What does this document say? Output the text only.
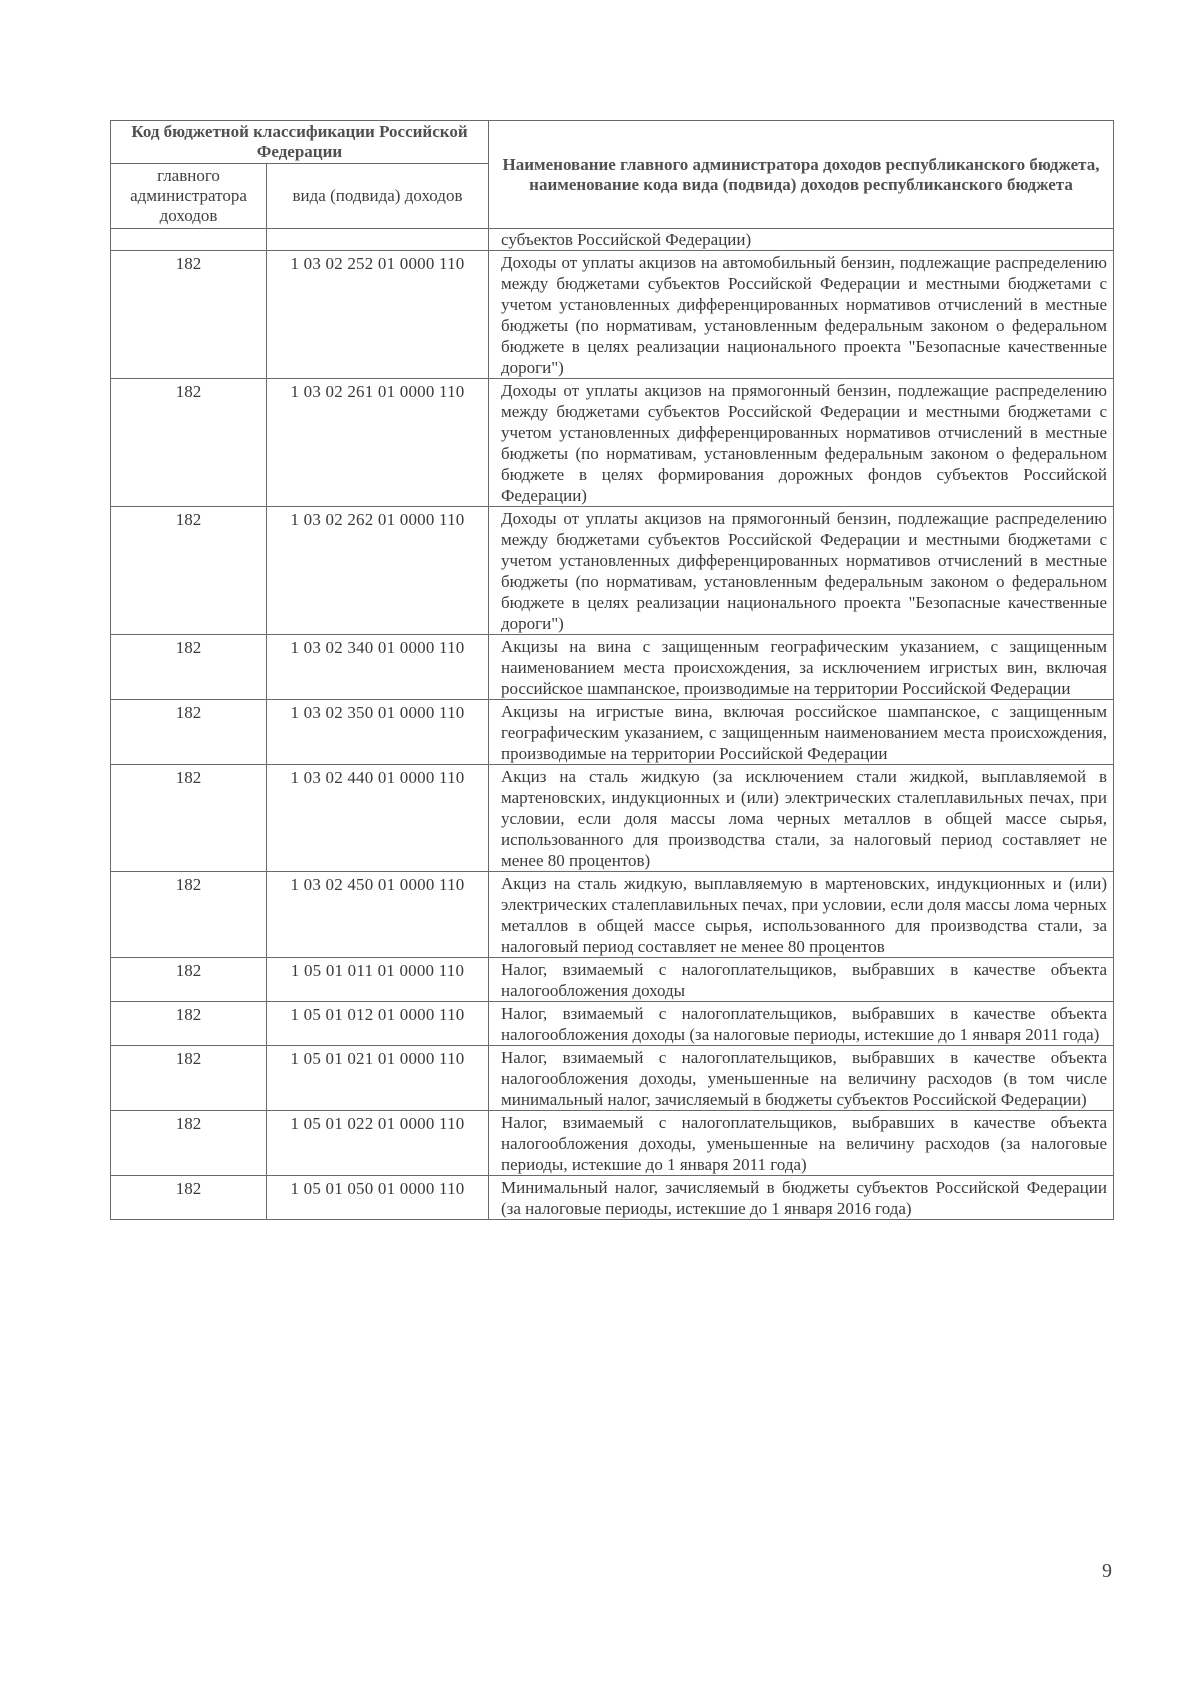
Код бюджетной классификации Российской Федерации		Наименование главного администратора доходов республиканского бюджета, наименование кода вида (подвида) доходов республиканского бюджета
главного администратора доходов	вида (подвида) доходов	
		субъектов Российской Федерации)
182	1 03 02 252 01 0000 110	Доходы от уплаты акцизов на автомобильный бензин, подлежащие распределению между бюджетами субъектов Российской Федерации и местными бюджетами с учетом установленных дифференцированных нормативов отчислений в местные бюджеты (по нормативам, установленным федеральным законом о федеральном бюджете в целях реализации национального проекта "Безопасные качественные дороги")
182	1 03 02 261 01 0000 110	Доходы от уплаты акцизов на прямогонный бензин, подлежащие распределению между бюджетами субъектов Российской Федерации и местными бюджетами с учетом установленных дифференцированных нормативов отчислений в местные бюджеты (по нормативам, установленным федеральным законом о федеральном бюджете в целях формирования дорожных фондов субъектов Российской Федерации)
182	1 03 02 262 01 0000 110	Доходы от уплаты акцизов на прямогонный бензин, подлежащие распределению между бюджетами субъектов Российской Федерации и местными бюджетами с учетом установленных дифференцированных нормативов отчислений в местные бюджеты (по нормативам, установленным федеральным законом о федеральном бюджете в целях реализации национального проекта "Безопасные качественные дороги")
182	1 03 02 340 01 0000 110	Акцизы на вина с защищенным географическим указанием, с защищенным наименованием места происхождения, за исключением игристых вин, включая российское шампанское, производимые на территории Российской Федерации
182	1 03 02 350 01 0000 110	Акцизы на игристые вина, включая российское шампанское, с защищенным географическим указанием, с защищенным наименованием места происхождения, производимые на территории Российской Федерации
182	1 03 02 440 01 0000 110	Акциз на сталь жидкую (за исключением стали жидкой, выплавляемой в мартеновских, индукционных и (или) электрических сталеплавильных печах, при условии, если доля массы лома черных металлов в общей массе сырья, использованного для производства стали, за налоговый период составляет не менее 80 процентов)
182	1 03 02 450 01 0000 110	Акциз на сталь жидкую, выплавляемую в мартеновских, индукционных и (или) электрических сталеплавильных печах, при условии, если доля массы лома черных металлов в общей массе сырья, использованного для производства стали, за налоговый период составляет не менее 80 процентов
182	1 05 01 011 01 0000 110	Налог, взимаемый с налогоплательщиков, выбравших в качестве объекта налогообложения доходы
182	1 05 01 012 01 0000 110	Налог, взимаемый с налогоплательщиков, выбравших в качестве объекта налогообложения доходы (за налоговые периоды, истекшие до 1 января 2011 года)
182	1 05 01 021 01 0000 110	Налог, взимаемый с налогоплательщиков, выбравших в качестве объекта налогообложения доходы, уменьшенные на величину расходов (в том числе минимальный налог, зачисляемый в бюджеты субъектов Российской Федерации)
182	1 05 01 022 01 0000 110	Налог, взимаемый с налогоплательщиков, выбравших в качестве объекта налогообложения доходы, уменьшенные на величину расходов (за налоговые периоды, истекшие до 1 января 2011 года)
182	1 05 01 050 01 0000 110	Минимальный налог, зачисляемый в бюджеты субъектов Российской Федерации (за налоговые периоды, истекшие до 1 января 2016 года)
9
